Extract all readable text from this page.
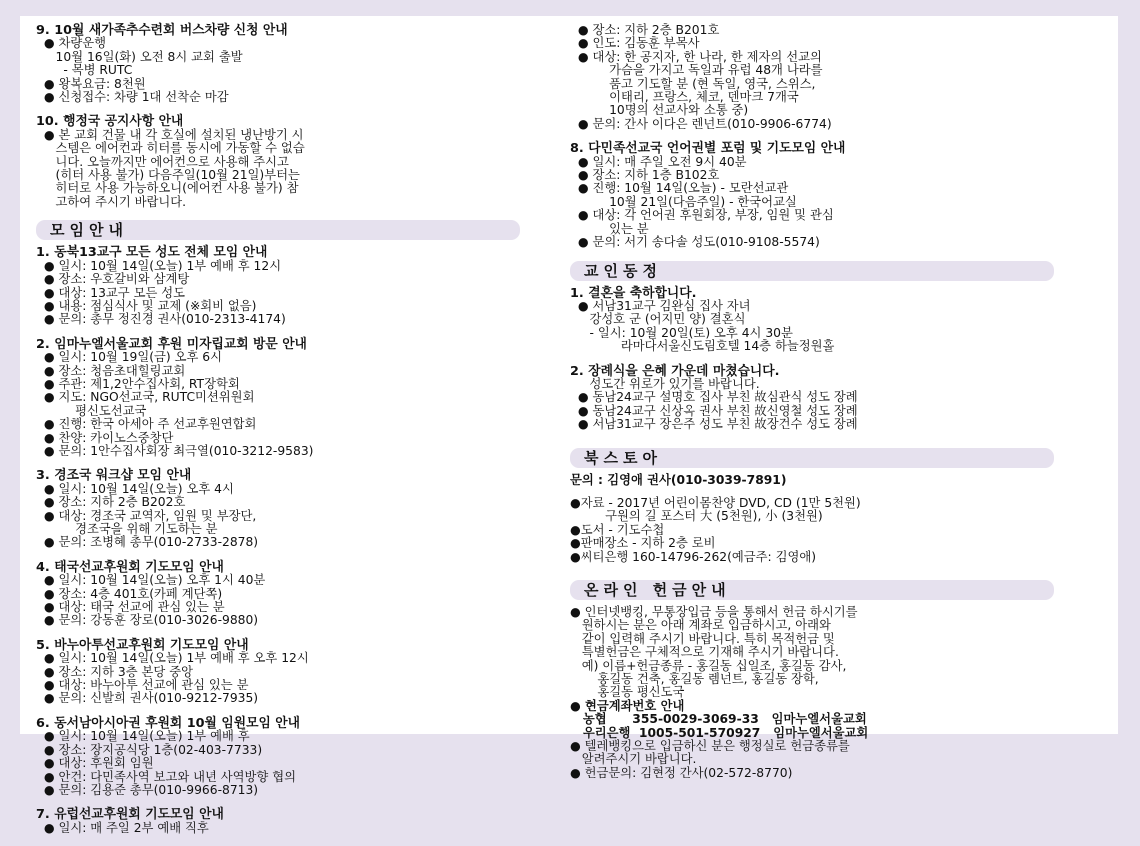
9. 10월 새가족추수련회 버스차량 신청 안내
● 차량운행
10월 16일(화) 오전 8시 교회 출발
- 목병 RUTC
● 왕복요금: 8천원
● 신청접수: 차량 1대 선착순 마감
10. 행정국 공지사항 안내
● 본 교회 건물 내 각 호실에 설치된 냉난방기 시
스템은 에어컨과 히터를 동시에 가동할 수 없습
니다. 오늘까지만 에어컨으로 사용해 주시고
(히터 사용 불가) 다음주일(10월 21일)부터는
히터로 사용 가능하오니(에어컨 사용 불가) 참
고하여 주시기 바랍니다.
모임안내
1. 동북13교구 모든 성도 전체 모임 안내
● 일시: 10월 14일(오늘) 1부 예배 후 12시
● 장소: 우호갈비와 삼계탕
● 대상: 13교구 모든 성도
● 내용: 점심식사 및 교제 (※회비 없음)
● 문의: 총무 정진경 권사(010-2313-4174)
2. 임마누엘서울교회 후원 미자립교회 방문 안내
● 일시: 10월 19일(금) 오후 6시
● 장소: 청음초대힐링교회
● 주관: 제1,2안수집사회, RT장학회
● 지도: NGO선교국, RUTC미션위원회
평신도선교국
● 진행: 한국 아세아 주 선교후원연합회
● 찬양: 카이노스중창단
● 문의: 1안수집사회장 최극열(010-3212-9583)
3. 경조국 워크샵 모임 안내
● 일시: 10월 14일(오늘) 오후 4시
● 장소: 지하 2층 B202호
● 대상: 경조국 교역자, 임원 및 부장단,
경조국을 위해 기도하는 분
● 문의: 조병혜 총무(010-2733-2878)
4. 태국선교후원회 기도모임 안내
● 일시: 10월 14일(오늘) 오후 1시 40분
● 장소: 4층 401호(카페 계단쪽)
● 대상: 태국 선교에 관심 있는 분
● 문의: 강동훈 장로(010-3026-9880)
5. 바누아투선교후원회 기도모임 안내
● 일시: 10월 14일(오늘) 1부 예배 후 오후 12시
● 장소: 지하 3층 본당 중앙
● 대상: 바누아투 선교에 관심 있는 분
● 문의: 신발희 권사(010-9212-7935)
6. 동서남아시아권 후원회 10월 임원모임 안내
● 일시: 10월 14일(오늘) 1부 예배 후
● 장소: 장지공식당 1층(02-403-7733)
● 대상: 후원회 임원
● 안건: 다민족사역 보고와 내년 사역방향 협의
● 문의: 김용준 총무(010-9966-8713)
7. 유럽선교후원회 기도모임 안내
● 일시: 매 주일 2부 예배 직후
● 장소: 지하 2층 B201호
● 인도: 김동훈 부목사
● 대상: 한 공지자, 한 나라, 한 제자의 선교의
가슴을 가지고 독일과 유럽 48개 나라를
품고 기도할 분 (현 독일, 영국, 스위스,
이태리, 프랑스, 체코, 덴마크 7개국
10명의 선교사와 소통 중)
● 문의: 간사 이다은 렌넌트(010-9906-6774)
8. 다민족선교국 언어권별 포럼 및 기도모임 안내
● 일시: 매 주일 오전 9시 40분
● 장소: 지하 1층 B102호
● 진행: 10월 14일(오늘) - 모란선교관
10월 21일(다음주일) - 한국어교실
● 대상: 각 언어권 후원회장, 부장, 임원 및 관심
있는 분
● 문의: 서기 송다솔 성도(010-9108-5574)
교인동정
1. 결혼을 축하합니다.
● 서남31교구 김완심 집사 자녀
강성호 군 (어지민 양) 결혼식
- 일시: 10월 20일(토) 오후 4시 30분
라마다서울신도림호텔 14층 하늘정원홀
2. 장례식을 은혜 가운데 마쳤습니다.
성도간 위로가 있기를 바랍니다.
● 동남24교구 설명호 집사 부친 故심관식 성도 장례
● 동남24교구 신상옥 권사 부친 故신영철 성도 장례
● 서남31교구 장은주 성도 부친 故장건수 성도 장례
북스토아
문의 : 김영애 권사(010-3039-7891)
●자료 - 2017년 어린이몸찬양 DVD, CD (1만 5천원)
구원의 길 포스터 大 (5천원), 小 (3천원)
●도서 - 기도수첩
●판매장소 - 지하 2층 로비
●씨티은행 160-14796-262(예금주: 김영애)
온라인 헌금안내
● 인터넷뱅킹, 무통장입금 등을 통해서 헌금 하시기를
원하시는 분은 아래 계좌로 입금하시고, 아래와
같이 입력해 주시기 바랍니다. 특히 목적헌금 및
특별헌금은 구체적으로 기재해 주시기 바랍니다.
예) 이름+헌금종류 - 홍길동 십일조, 홍길동 감사,
홍길동 건축, 홍길동 렘넌트, 홍길동 장학,
홍길동 평신도국
● 현금계좌번호 안내
농협      355-0029-3069-33   임마누엘서울교회
우리은행  1005-501-570927   임마누엘서울교회
● 텔레뱅킹으로 입금하신 분은 행정실로 헌금종류를
알려주시기 바랍니다.
● 헌금문의: 김현정 간사(02-572-8770)
